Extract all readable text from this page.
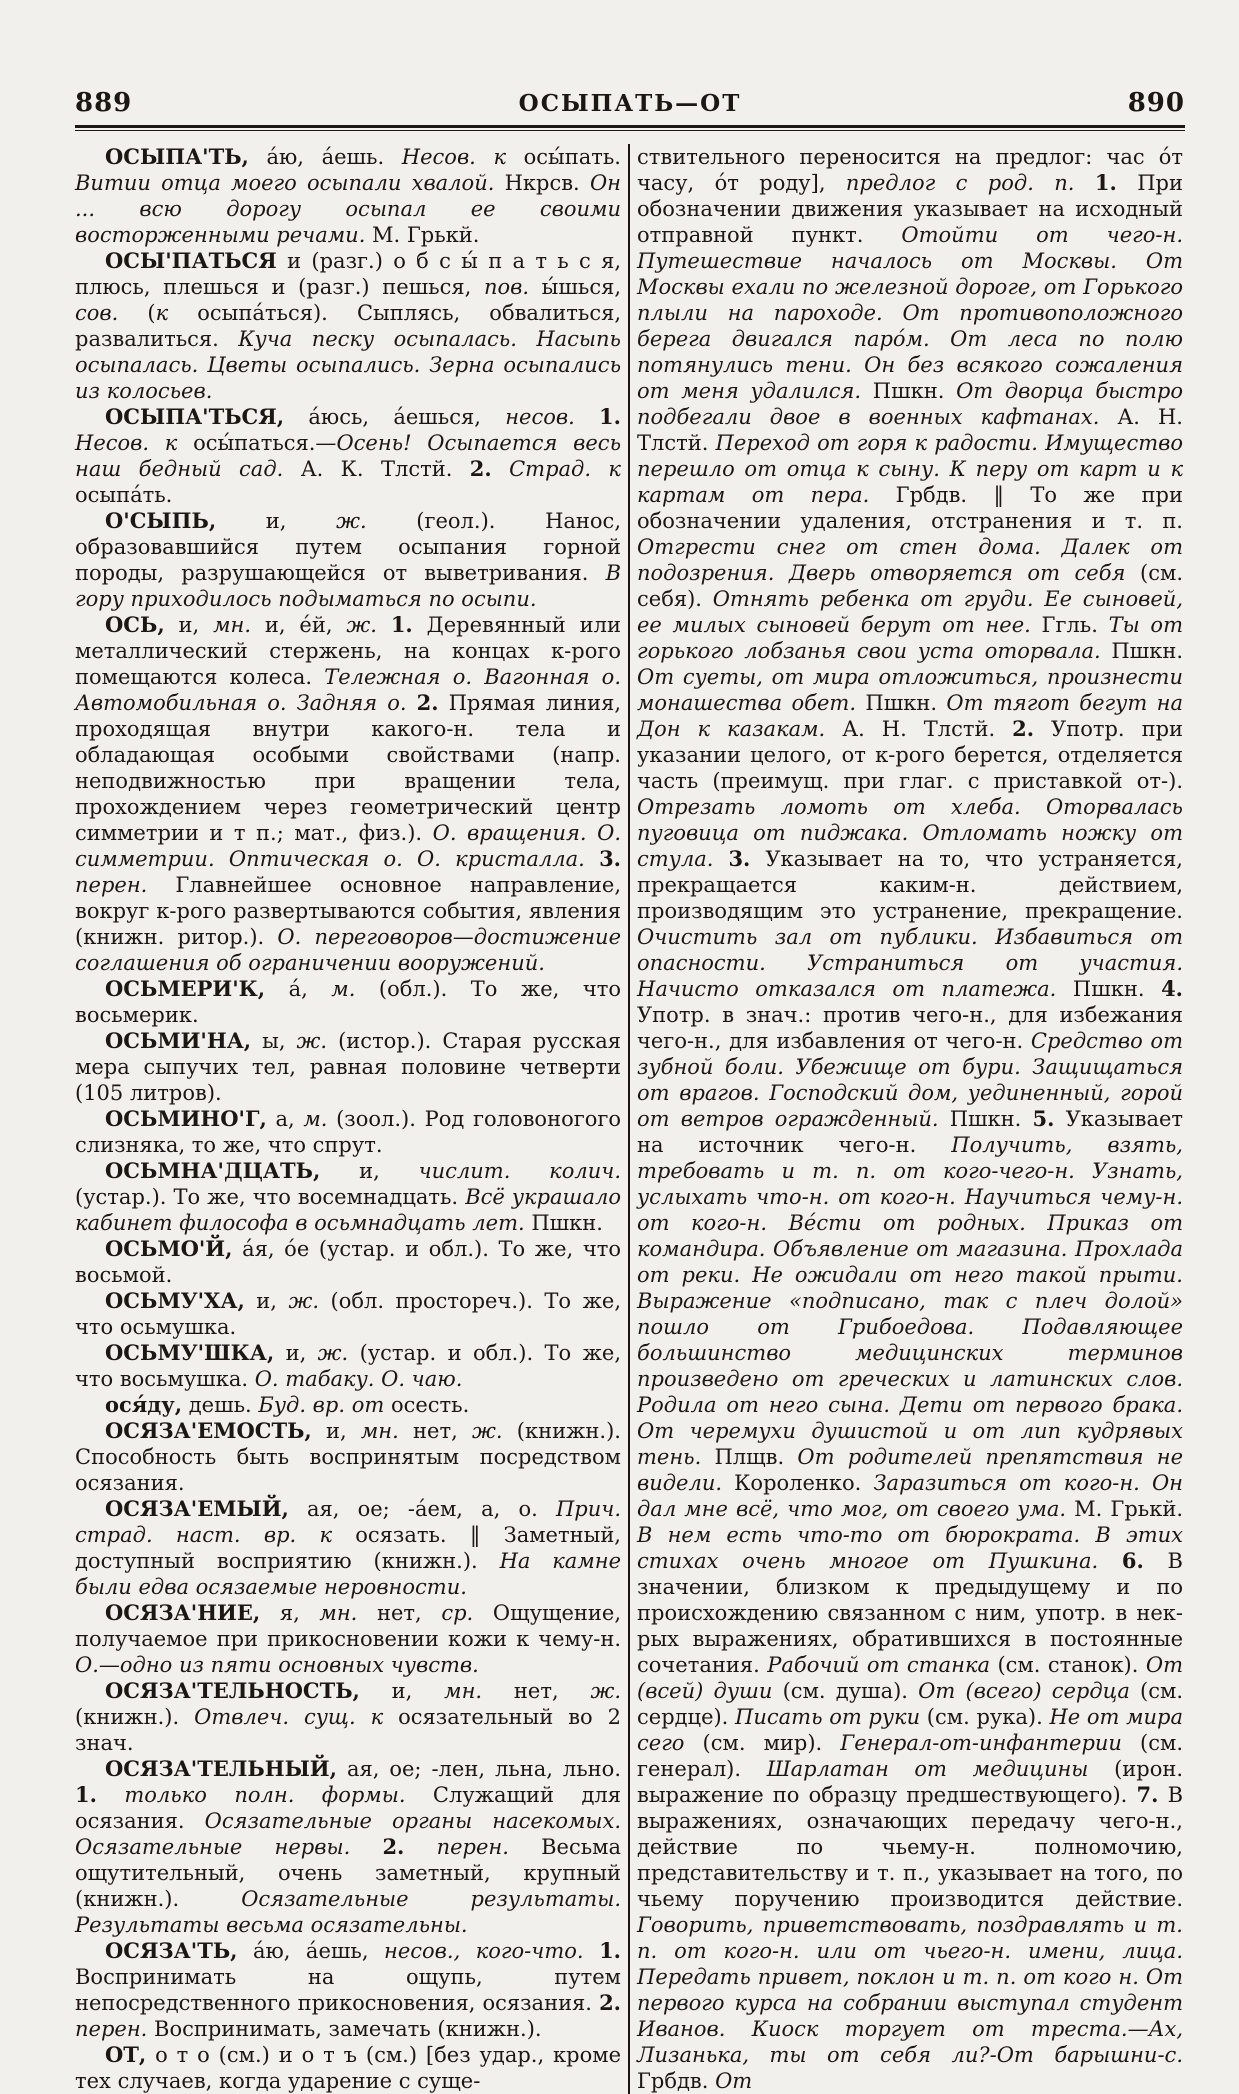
889	ОСЫПАТЬ—ОТ	890

ОСЫПА'ТЬ, а́ю, а́ешь. Несов. к осы́пать. Витии отца моего осыпали хвалой. Нкрсв. Он ... всю дорогу осыпал ее своими восторженными речами. М. Грькй.

ОСЫ'ПАТЬСЯ и (разг.) о б с ы́ п а т ь с я, плюсь, плешься и (разг.) пешься, пов. ы́шься, сов. (к осыпа́ться). Сыплясь, обвалиться, развалиться. Куча песку осыпалась. Насыпь осыпалась. Цветы осыпались. Зерна осыпались из колосьев.

ОСЫПА'ТЬСЯ, а́юсь, а́ешься, несов. 1. Несов. к осы́паться.—Осень! Осыпается весь наш бедный сад. А. К. Тлстй. 2. Страд. к осыпа́ть.

О'СЫПЬ, и, ж. (геол.). Нанос, образовавшийся путем осыпания горной породы, разрушающейся от выветривания. В гору приходилось подыматься по осыпи.

ОСЬ, и, мн. и, е́й, ж. 1. Деревянный или металлический стержень, на концах к-рого помещаются колеса. Тележная о. Вагонная о. Автомобильная о. Задняя о. 2. Прямая линия, проходящая внутри какого-н. тела и обладающая особыми свойствами (напр. неподвижностью при вращении тела, прохождением через геометрический центр симметрии и т п.; мат., физ.). О. вращения. О. симметрии. Оптическая о. О. кристалла. 3. перен. Главнейшее основное направление, вокруг к-рого развертываются события, явления (книжн. ритор.). О. переговоров—достижение соглашения об ограничении вооружений.

ОСЬМЕРИ'К, а́, м. (обл.). То же, что восьмерик.

ОСЬМИ'НА, ы, ж. (истор.). Старая русская мера сыпучих тел, равная половине четверти (105 литров).

ОСЬМИНО'Г, а, м. (зоол.). Род головоногого слизняка, то же, что спрут.

ОСЬМНА'ДЦАТЬ, и, числит. колич. (устар.). То же, что восемнадцать. Всё украшало кабинет философа в осьмнадцать лет. Пшкн.

ОСЬМО'Й, а́я, о́е (устар. и обл.). То же, что восьмой.

ОСЬМУ'ХА, и, ж. (обл. простореч.). То же, что осьмушка.

ОСЬМУ'ШКА, и, ж. (устар. и обл.). То же, что восьмушка. О. табаку. О. чаю.

ося́ду, дешь. Буд. вр. от осесть.

ОСЯЗА'ЕМОСТЬ, и, мн. нет, ж. (книжн.). Способность быть воспринятым посредством осязания.

ОСЯЗА'ЕМЫЙ, ая, ое; -а́ем, а, о. Прич. страд. наст. вр. к осязать. ‖ Заметный, доступный восприятию (книжн.). На камне были едва осязаемые неровности.

ОСЯЗА'НИЕ, я, мн. нет, ср. Ощущение, получаемое при прикосновении кожи к чему-н. О.—одно из пяти основных чувств.

ОСЯЗА'ТЕЛЬНОСТЬ, и, мн. нет, ж. (книжн.). Отвлеч. сущ. к осязательный во 2 знач.

ОСЯЗА'ТЕЛЬНЫЙ, ая, ое; -лен, льна, льно. 1. только полн. формы. Служащий для осязания. Осязательные органы насекомых. Осязательные нервы. 2. перен. Весьма ощутительный, очень заметный, крупный (книжн.). Осязательные результаты. Результаты весьма осязательны.

ОСЯЗА'ТЬ, а́ю, а́ешь, несов., кого-что. 1. Воспринимать на ощупь, путем непосредственного прикосновения, осязания. 2. перен. Воспринимать, замечать (книжн.).

ОТ, о т о (см.) и о т ъ (см.) [без удар., кроме тех случаев, когда ударение с суще-

ствительного переносится на предлог: час о́т часу, о́т роду], предлог с род. п. 1. При обозначении движения указывает на исходный отправной пункт. Отойти от чего-н. Путешествие началось от Москвы. От Москвы ехали по железной дороге, от Горького плыли на пароходе. От противоположного берега двигался паро́м. От леса по полю потянулись тени. Он без всякого сожаления от меня удалился. Пшкн. От дворца быстро подбегали двое в военных кафтанах. А. Н. Тлстй. Переход от горя к радости. Имущество перешло от отца к сыну. К перу от карт и к картам от пера. Грбдв. ‖ То же при обозначении удаления, отстранения и т. п. Отгрести снег от стен дома. Далек от подозрения. Дверь отворяется от себя (см. себя). Отнять ребенка от груди. Ее сыновей, ее милых сыновей берут от нее. Ггль. Ты от горького лобзанья свои уста оторвала. Пшкн. От суеты, от мира отложиться, произнести монашества обет. Пшкн. От тягот бегут на Дон к казакам. А. Н. Тлстй. 2. Употр. при указании целого, от к-рого берется, отделяется часть (преимущ. при глаг. с приставкой от-). Отрезать ломоть от хлеба. Оторвалась пуговица от пиджака. Отломать ножку от стула. 3. Указывает на то, что устраняется, прекращается каким-н. действием, производящим это устранение, прекращение. Очистить зал от публики. Избавиться от опасности. Устраниться от участия. Начисто отказался от платежа. Пшкн. 4. Употр. в знач.: против чего-н., для избежания чего-н., для избавления от чего-н. Средство от зубной боли. Убежище от бури. Защищаться от врагов. Господский дом, уединенный, горой от ветров огражденный. Пшкн. 5. Указывает на источник чего-н. Получить, взять, требовать и т. п. от кого-чего-н. Узнать, услыхать что-н. от кого-н. Научиться чему-н. от кого-н. Ве́сти от родных. Приказ от командира. Объявление от магазина. Прохлада от реки. Не ожидали от него такой прыти. Выражение «подписано, так с плеч долой» пошло от Грибоедова. Подавляющее большинство медицинских терминов произведено от греческих и латинских слов. Родила от него сына. Дети от первого брака. От черемухи душистой и от лип кудрявых тень. Плщв. От родителей препятствия не видели. Короленко. Заразиться от кого-н. Он дал мне всё, что мог, от своего ума. М. Грькй. В нем есть что-то от бюрократа. В этих стихах очень многое от Пушкина. 6. В значении, близком к предыдущему и по происхождению связанном с ним, употр. в нек-рых выражениях, обратившихся в постоянные сочетания. Рабочий от станка (см. станок). От (всей) души (см. душа). От (всего) сердца (см. сердце). Писать от руки (см. рука). Не от мира сего (см. мир). Генерал-от-инфантерии (см. генерал). Шарлатан от медицины (ирон. выражение по образцу предшествующего). 7. В выражениях, означающих передачу чего-н., действие по чьему-н. полномочию, представительству и т. п., указывает на того, по чьему поручению производится действие. Говорить, приветствовать, поздравлять и т. п. от кого-н. или от чьего-н. имени, лица. Передать привет, поклон и т. п. от кого н. От первого курса на собрании выступал студент Иванов. Киоск торгует от треста.—Ах, Лизанька, ты от себя ли?-От барышни-с. Грбдв. От
